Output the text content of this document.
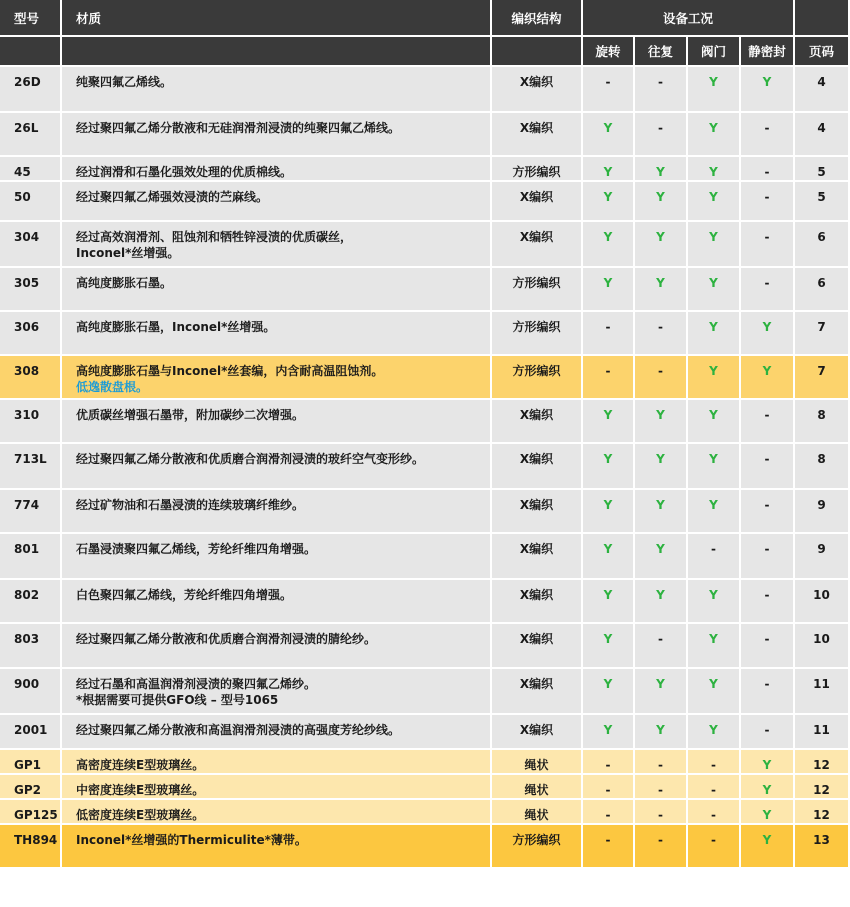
型号	材质	编织结构	设备工况				
			旋转	往复	阀门	静密封	页码
26D	纯聚四氟乙烯线。	X编织	-	-	Y	Y	4
26L	经过聚四氟乙烯分散液和无硅润滑剂浸渍的纯聚四氟乙烯线。	X编织	Y	-	Y	-	4
45	经过润滑和石墨化强效处理的优质棉线。	方形编织	Y	Y	Y	-	5
50	经过聚四氟乙烯强效浸渍的苎麻线。	X编织	Y	Y	Y	-	5
304	经过高效润滑剂、阻蚀剂和牺牲锌浸渍的优质碳丝，
Inconel*丝增强。	X编织	Y	Y	Y	-	6
305	高纯度膨胀石墨。	方形编织	Y	Y	Y	-	6
306	高纯度膨胀石墨，Inconel*丝增强。	方形编织	-	-	Y	Y	7
308	高纯度膨胀石墨与Inconel*丝套编，内含耐高温阻蚀剂。
低逸散盘根。	方形编织	-	-	Y	Y	7
310	优质碳丝增强石墨带，附加碳纱二次增强。	X编织	Y	Y	Y	-	8
713L	经过聚四氟乙烯分散液和优质磨合润滑剂浸渍的玻纤空气变形纱。	X编织	Y	Y	Y	-	8
774	经过矿物油和石墨浸渍的连续玻璃纤维纱。	X编织	Y	Y	Y	-	9
801	石墨浸渍聚四氟乙烯线，芳纶纤维四角增强。	X编织	Y	Y	-	-	9
802	白色聚四氟乙烯线，芳纶纤维四角增强。	X编织	Y	Y	Y	-	10
803	经过聚四氟乙烯分散液和优质磨合润滑剂浸渍的腈纶纱。	X编织	Y	-	Y	-	10
900	经过石墨和高温润滑剂浸渍的聚四氟乙烯纱。
*根据需要可提供GFO线 – 型号1065	X编织	Y	Y	Y	-	11
2001	经过聚四氟乙烯分散液和高温润滑剂浸渍的高强度芳纶纱线。	X编织	Y	Y	Y	-	11
GP1	高密度连续E型玻璃丝。	绳状	-	-	-	Y	12
GP2	中密度连续E型玻璃丝。	绳状	-	-	-	Y	12
GP125	低密度连续E型玻璃丝。	绳状	-	-	-	Y	12
TH894	Inconel*丝增强的Thermiculite*薄带。	方形编织	-	-	-	Y	13
